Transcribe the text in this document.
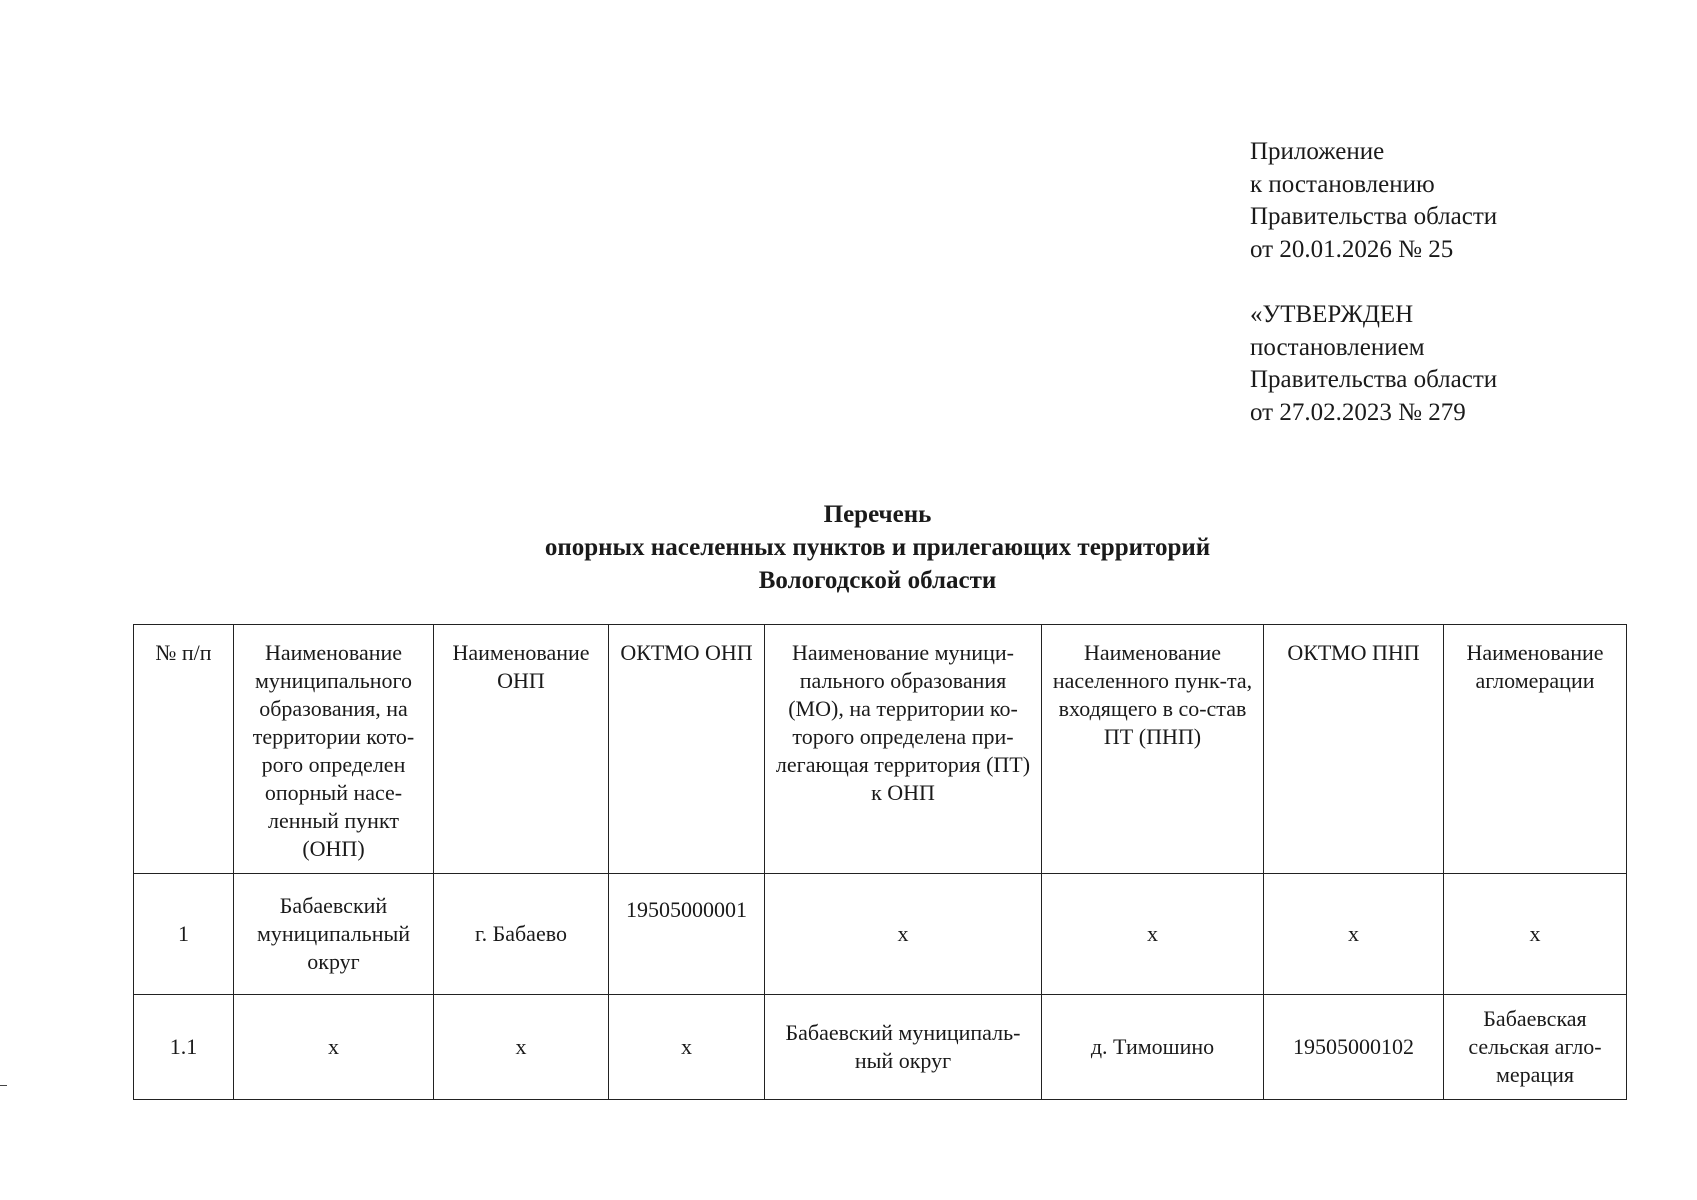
Приложение
к постановлению
Правительства области
от 20.01.2026 № 25
«УТВЕРЖДЕН
постановлением
Правительства области
от 27.02.2023 № 279
Перечень
опорных населенных пунктов и прилегающих территорий
Вологодской области
№ п/п	Наименование муниципального образования, на территории кото-рого определен опорный насе-ленный пункт (ОНП)	Наименование ОНП	ОКТМО ОНП	Наименование муници-пального образования (МО), на территории ко-торого определена при-легающая территория (ПТ) к ОНП	Наименование населенного пунк-та, входящего в со-став ПТ (ПНП)	ОКТМО ПНП	Наименование агломерации
1	Бабаевский муниципальный округ	г. Бабаево	19505000001	х	х	х	х
1.1	х	х	х	Бабаевский муниципаль-ный округ	д. Тимошино	19505000102	Бабаевская сельская агло-мерация
